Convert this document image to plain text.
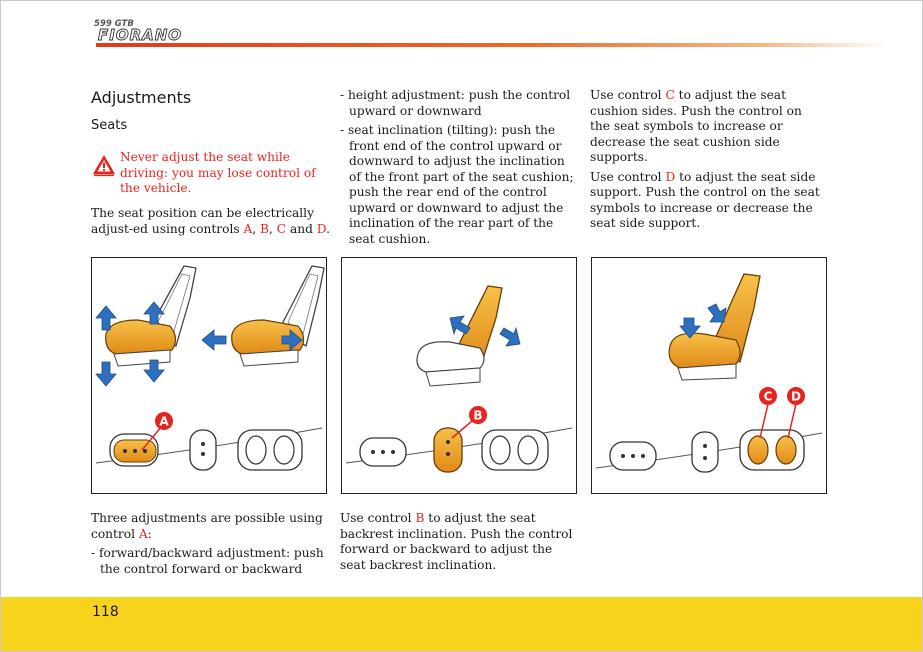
599 GTB
FIORANO
Adjustments
Seats
Never adjust the seat while driving: you may lose control of the vehicle.
The seat position can be electrically adjust-ed using controls A, B, C and D.
- height adjustment: push the control upward or downward
- seat inclination (tilting): push the front end of the control upward or downward to adjust the inclination of the front part of the seat cushion; push the rear end of the control upward or downward to adjust the inclination of the rear part of the seat cushion.
Use control C to adjust the seat cushion sides. Push the control on the seat symbols to increase or decrease the seat cushion side supports.
Use control D to adjust the seat side support. Push the control on the seat symbols to increase or decrease the seat side support.
A	B
C D
Three adjustments are possible using control A:
- forward/backward adjustment: push the control forward or backward
Use control B to adjust the seat backrest inclination. Push the control forward or backward to adjust the seat backrest inclination.
118
